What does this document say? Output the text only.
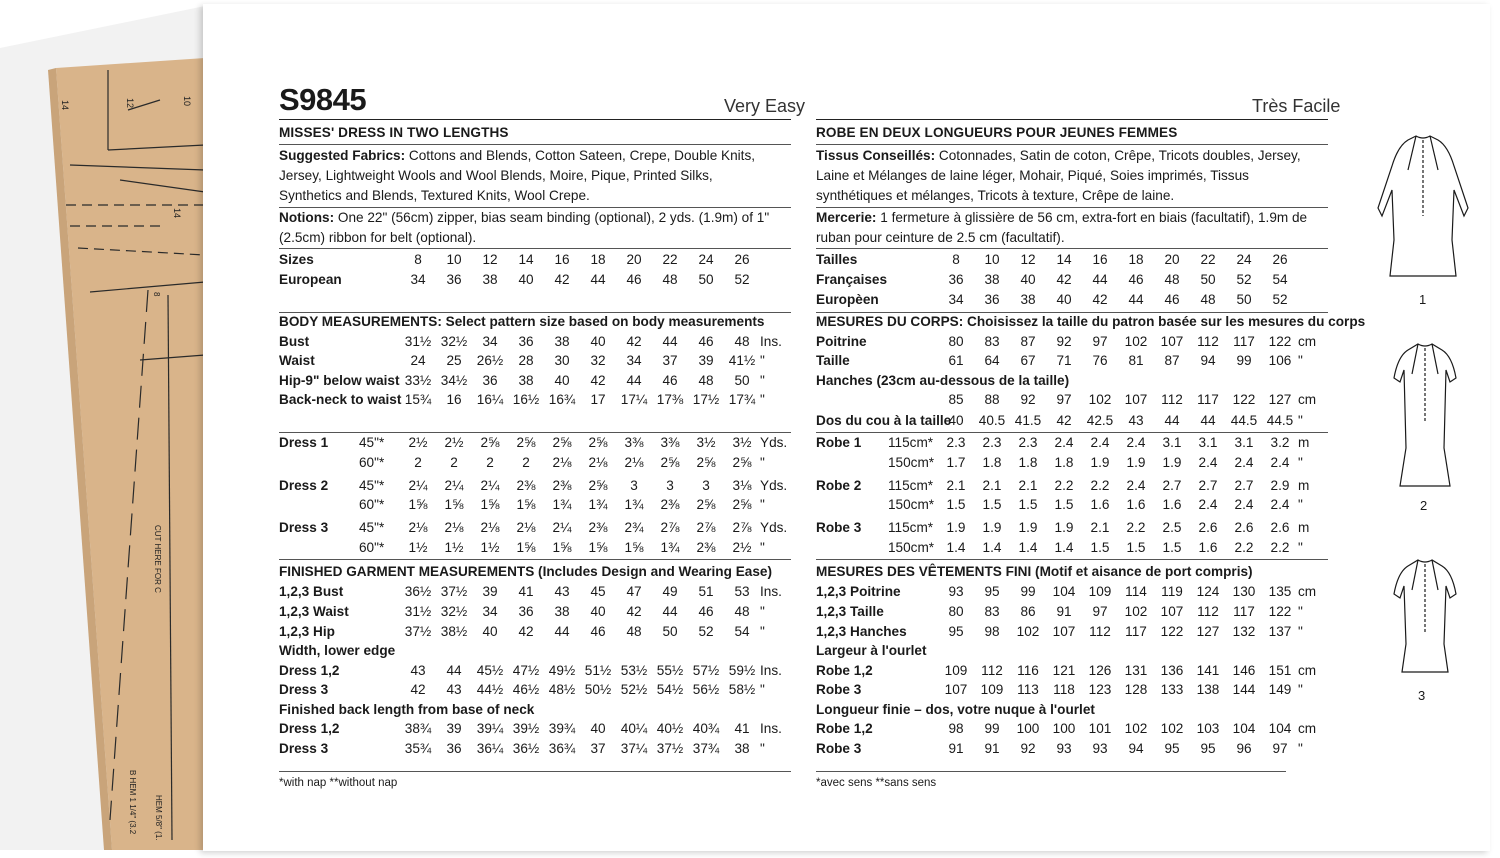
14	12	10
14
8
CUT HERE FOR C
B HEM 1 1/4" (3.2 HEM 5/8" (1.
S9845	Very Easy	Très Facile
MISSES' DRESS IN TWO LENGTHS
Suggested Fabrics: Cottons and Blends, Cotton Sateen, Crepe, Double Knits, Jersey, Lightweight Wools and Wool Blends, Moire, Pique, Printed Silks, Synthetics and Blends, Textured Knits, Wool Crepe.
Notions: One 22" (56cm) zipper, bias seam binding (optional), 2 yds. (1.9m) of 1" (2.5cm) ribbon for belt (optional).
Sizes	8	10	12	14	16	18	20	22	24	26
European	34	36	38	40	42	44	46	48	50	52
BODY MEASUREMENTS: Select pattern size based on body measurements
Bust	31½ 32½	34	36	38	40	42	44	46	48 Ins.
Waist	24	25	26½	28	30	32	34	37	39	41½ "
Hip-9" below waist 33½ 34½	36	38	40	42	44	46	48	50 "
Back-neck to waist 15¾	16	16¼ 16½ 16¾	17	17¼ 17⅜ 17½ 17¾ "
Dress 1 45"*	2½	2½	2⅝	2⅝	2⅝	2⅝	3⅜	3⅜	3½	3½ Yds.
60"*	2	2	2	2	2⅛	2⅛	2⅛	2⅝	2⅝	2⅝ "
Dress 2 45"*	2¼	2¼	2¼	2⅜	2⅜	2⅝	3	3	3	3⅛ Yds.
60"*	1⅝	1⅝	1⅝	1⅝	1¾	1¾	1¾	2⅜	2⅝	2⅝ "
Dress 3 45"*	2⅛	2⅛	2⅛	2⅛	2¼	2⅜	2¾	2⅞	2⅞	2⅞ Yds.
60"*	1½	1½	1½	1⅝	1⅝	1⅝	1⅝	1¾	2⅜	2½ "
FINISHED GARMENT MEASUREMENTS (Includes Design and Wearing Ease)
1,2,3 Bust	36½ 37½	39	41	43	45	47	49	51	53 Ins.
1,2,3 Waist	31½ 32½	34	36	38	40	42	44	46	48 "
1,2,3 Hip	37½ 38½	40	42	44	46	48	50	52	54 "
Width, lower edge
Dress 1,2	43	44	45½ 47½ 49½ 51½ 53½ 55½ 57½ 59½ Ins.
Dress 3	42	43	44½ 46½ 48½ 50½ 52½ 54½ 56½ 58½ "
Finished back length from base of neck
Dress 1,2	38¾	39	39¼ 39½ 39¾	40	40¼ 40½ 40¾	41 Ins.
Dress 3	35¾	36	36¼ 36½ 36¾	37	37¼ 37½ 37¾	38 "
*with nap **without nap
ROBE EN DEUX LONGUEURS POUR JEUNES FEMMES
Tissus Conseillés: Cotonnades, Satin de coton, Crêpe, Tricots doubles, Jersey, Laine et Mélanges de laine léger, Mohair, Piqué, Soies imprimés, Tissus synthétiques et mélanges, Tricots à texture, Crêpe de laine.
Mercerie: 1 fermeture à glissière de 56 cm, extra-fort en biais (facultatif), 1.9m de ruban pour ceinture de 2.5 cm (facultatif).
Tailles	8	10	12	14	16	18	20	22	24	26
Françaises	36	38	40	42	44	46	48	50	52	54
Europèen	34	36	38	40	42	44	46	48	50	52
MESURES DU CORPS: Choisissez la taille du patron basée sur les mesures du corps
Poitrine	80	83	87	92	97	102 107	112	117	122 cm
Taille	61	64	67	71	76	81	87	94	99	106 "
Hanches (23cm au-dessous de la taille)
85	88	92	97	102 107	112	117	122 127 cm
Dos du cou à la taille
40	40.5 41.5	42	42.5	43	44	44	44.5 44.5 "
Robe 1 115cm* 2.3	2.3	2.3	2.4	2.4	2.4	3.1	3.1	3.1	3.2 m
150cm* 1.7	1.8	1.8	1.8	1.9	1.9	1.9	2.4	2.4	2.4 "
Robe 2 115cm* 2.1	2.1	2.1	2.2	2.2	2.4	2.7	2.7	2.7	2.9 m
150cm* 1.5	1.5	1.5	1.5	1.6	1.6	1.6	2.4	2.4	2.4 "
Robe 3 115cm* 1.9	1.9	1.9	1.9	2.1	2.2	2.5	2.6	2.6	2.6 m
150cm* 1.4	1.4	1.4	1.4	1.5	1.5	1.5	1.6	2.2	2.2 "
MESURES DES VÊTEMENTS FINI (Motif et aisance de port compris)
1,2,3 Poitrine	93	95	99	104 109	114	119	124 130 135 cm
1,2,3 Taille	80	83	86	91	97	102 107	112	117	122 "
1,2,3 Hanches	95	98	102 107	112	117	122 127 132 137 "
Largeur à l'ourlet
Robe 1,2	109	112	116	121 126 131 136 141 146 151 cm
Robe 3	107 109	113	118	123 128 133 138 144 149 "
Longueur finie – dos, votre nuque à l'ourlet
Robe 1,2	98	99	100 100 101 102 102 103 104 104 cm
Robe 3	91	91	92	93	93	94	95	95	96	97 "
*avec sens **sans sens
1
2
3
